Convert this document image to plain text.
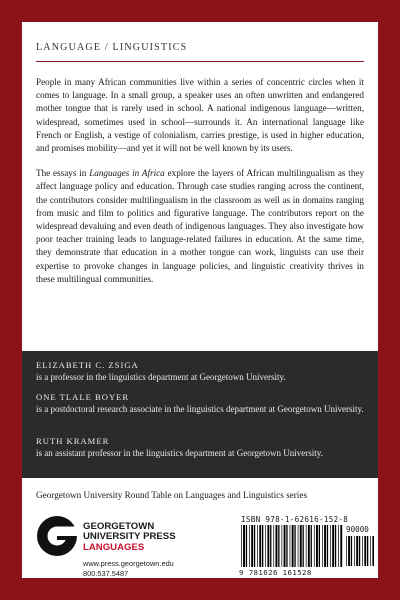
LANGUAGE / LINGUISTICS

People in many African communities live within a series of concentric circles when it comes to language. In a small group, a speaker uses an often unwritten and endangered mother tongue that is rarely used in school. A national indigenous language—written, widespread, sometimes used in school—surrounds it. An international language like French or English, a vestige of colonialism, carries prestige, is used in higher education, and promises mobility—and yet it will not be well known by its users.

The essays in Languages in Africa explore the layers of African multilingualism as they affect language policy and education. Through case studies ranging across the continent, the contributors consider multilingualism in the classroom as well as in domains ranging from music and film to politics and figurative language. The contributors report on the widespread devaluing and even death of indigenous languages. They also investigate how poor teacher training leads to language-related failures in education. At the same time, they demonstrate that education in a mother tongue can work, linguists can use their expertise to provoke changes in language policies, and linguistic creativity thrives in these multilingual communities.

ELIZABETH C. ZSIGA
is a professor in the linguistics department at Georgetown University.
ONE TLALE BOYER
is a postdoctoral research associate in the linguistics department at Georgetown University.
RUTH KRAMER
is an assistant professor in the linguistics department at Georgetown University.
Georgetown University Round Table on Languages and Linguistics series
GEORGETOWN
UNIVERSITY PRESS
LANGUAGES
www.press.georgetown.edu
800.537.5487
ISBN 978-1-62616-152-8
90000
9 781626 161528
